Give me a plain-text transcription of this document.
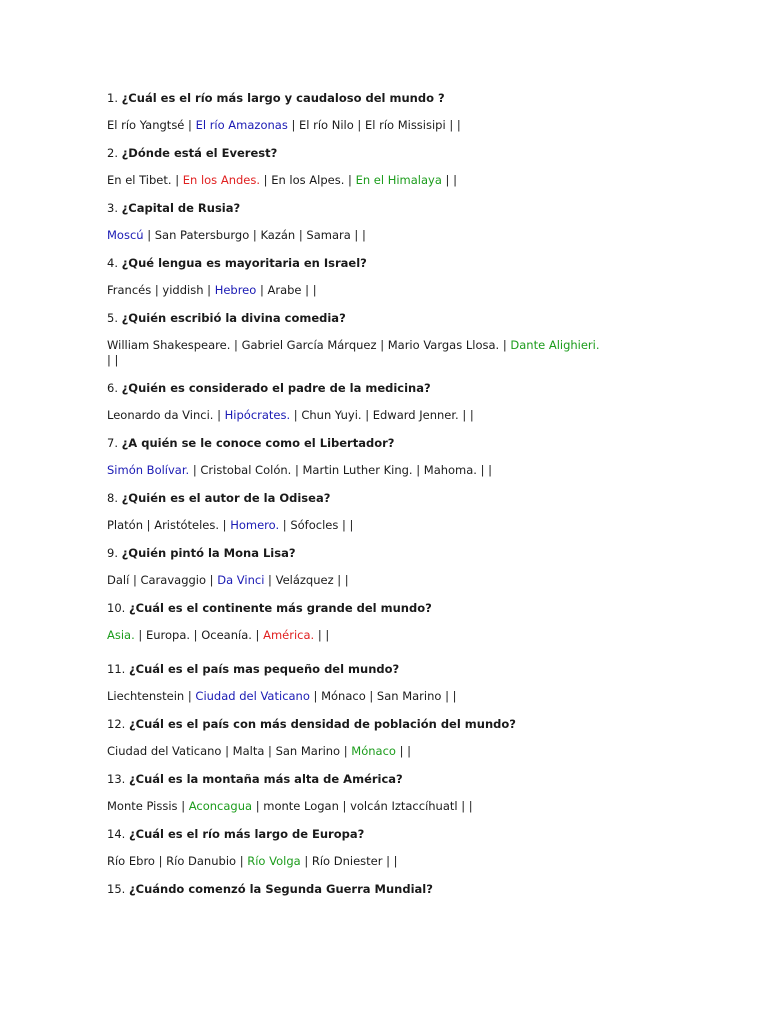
1. ¿Cuál es el río más largo y caudaloso del mundo ?

El río Yangtsé | El río Amazonas | El río Nilo | El río Missisipi | |

2. ¿Dónde está el Everest?

En el Tibet. | En los Andes. | En los Alpes. | En el Himalaya | |

3. ¿Capital de Rusia?

Moscú | San Patersburgo | Kazán | Samara | |

4. ¿Qué lengua es mayoritaria en Israel?

Francés | yiddish | Hebreo | Arabe | |

5. ¿Quién escribió la divina comedia?

William Shakespeare. | Gabriel García Márquez | Mario Vargas Llosa. | Dante Alighieri. | |

6. ¿Quién es considerado el padre de la medicina?

Leonardo da Vinci. | Hipócrates. | Chun Yuyi. | Edward Jenner. | |

7. ¿A quién se le conoce como el Libertador?

Simón Bolívar. | Cristobal Colón. | Martin Luther King. | Mahoma. | |

8. ¿Quién es el autor de la Odisea?

Platón | Aristóteles. | Homero. | Sófocles | |

9. ¿Quién pintó la Mona Lisa?

Dalí | Caravaggio | Da Vinci | Velázquez | |

10. ¿Cuál es el continente más grande del mundo?

Asia. | Europa. | Oceanía. | América. | |

11. ¿Cuál es el país mas pequeño del mundo?

Liechtenstein | Ciudad del Vaticano | Mónaco | San Marino | |

12. ¿Cuál es el país con más densidad de población del mundo?

Ciudad del Vaticano | Malta | San Marino | Mónaco | |

13. ¿Cuál es la montaña más alta de América?

Monte Pissis | Aconcagua | monte Logan | volcán Iztaccíhuatl | |

14. ¿Cuál es el río más largo de Europa?

Río Ebro | Río Danubio | Río Volga | Río Dniester | |

15. ¿Cuándo comenzó la Segunda Guerra Mundial?
